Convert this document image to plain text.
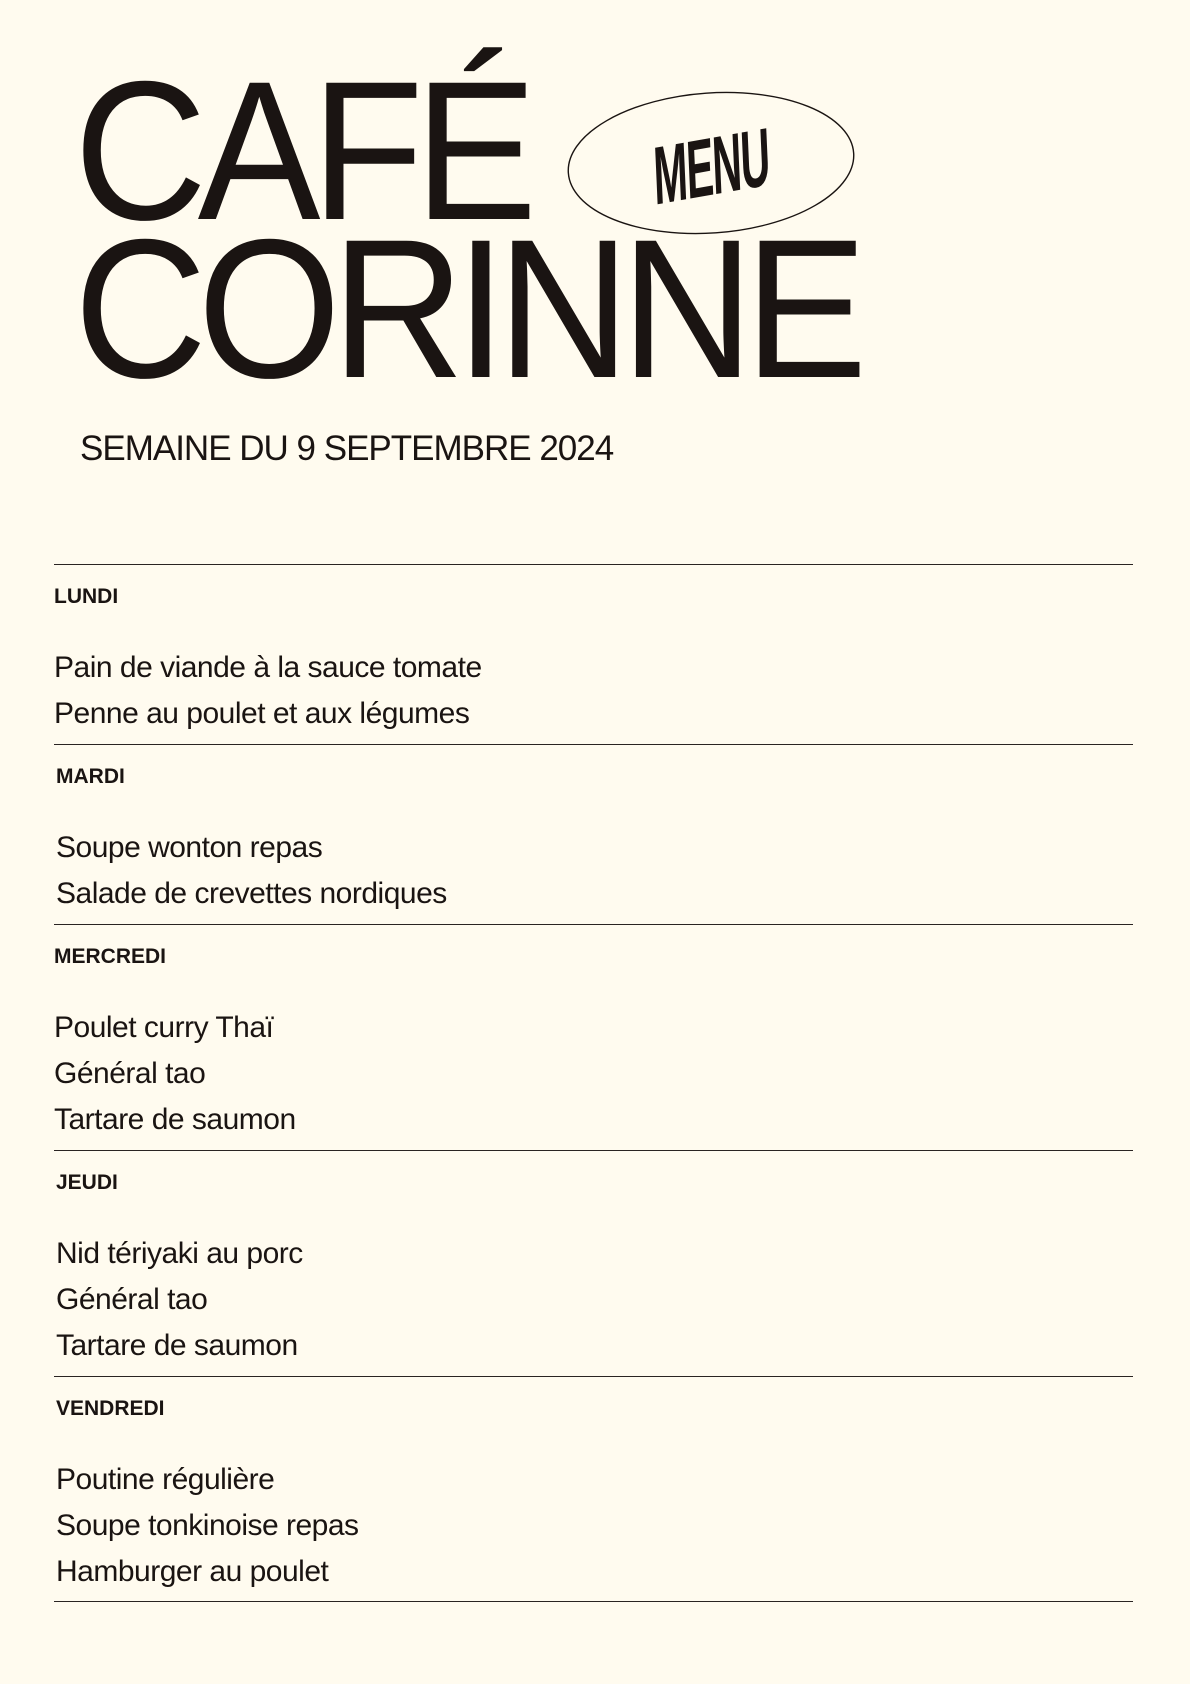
CAFÉ
CORINNE
MENU
SEMAINE DU 9 SEPTEMBRE 2024
LUNDI
Pain de viande à la sauce tomate
Penne au poulet et aux légumes
MARDI
Soupe wonton repas
Salade de crevettes nordiques
MERCREDI
Poulet curry Thaï
Général tao
Tartare de saumon
JEUDI
Nid tériyaki au porc
Général tao
Tartare de saumon
VENDREDI
Poutine régulière
Soupe tonkinoise repas
Hamburger au poulet
